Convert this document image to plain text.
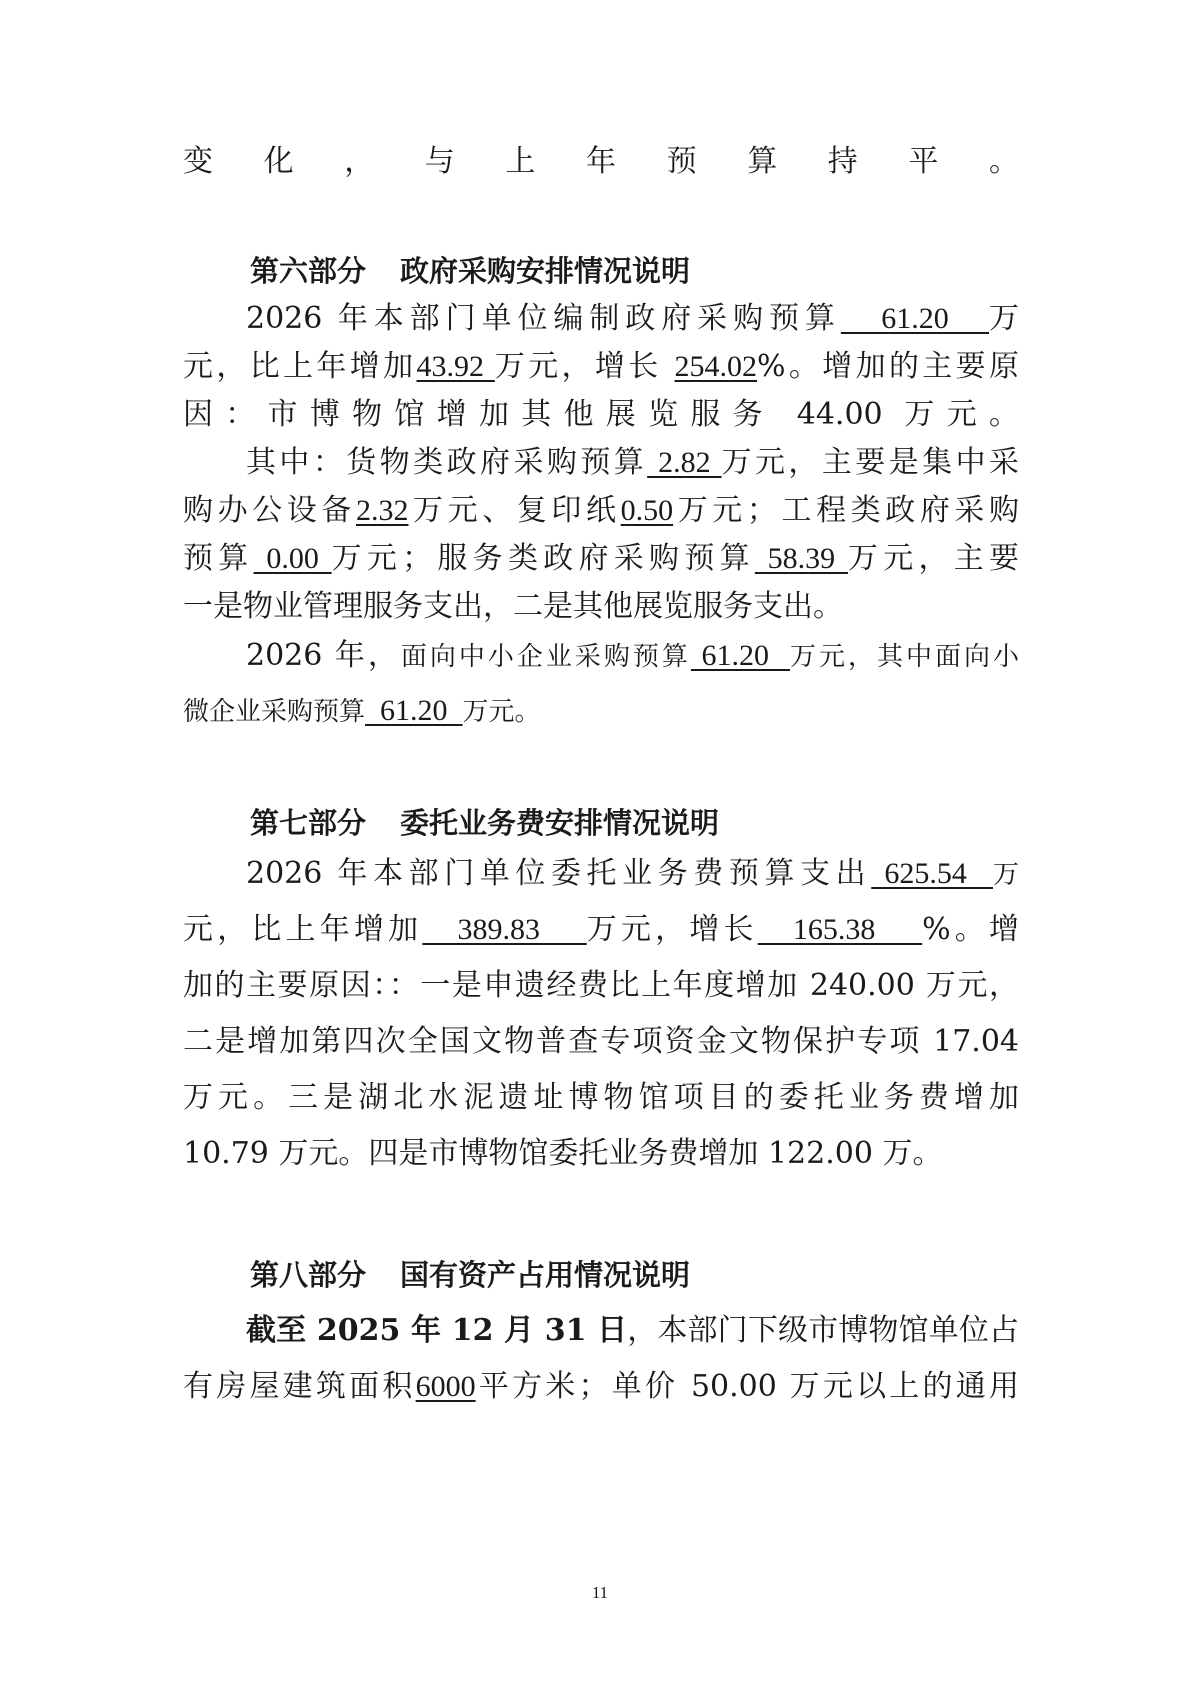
变化，与上年预算持平。
第六部分 政府采购安排情况说明
2026 年本部门单位编制政府采购预算   61.20   万
元，比上年增加43.92 万元，增长 254.02%。增加的主要原
因：市博物馆增加其他展览服务 44.00 万元。
其中：货物类政府采购预算 2.82 万元，主要是集中采
购办公设备2.32万元、复印纸0.50万元；工程类政府采购
预算 0.00 万元；服务类政府采购预算 58.39 万元，主要
一是物业管理服务支出，二是其他展览服务支出。
2026 年，面向中小企业采购预算 61.20  万元，其中面向小
微企业采购预算  61.20  万元。
第七部分 委托业务费安排情况说明
2026 年本部门单位委托业务费预算支出 625.54  万
元，比上年增加   389.83    万元，增长   165.38    %。增
加的主要原因：：一是申遗经费比上年度增加 240.00 万元，
二是增加第四次全国文物普查专项资金文物保护专项 17.04
万元。三是湖北水泥遗址博物馆项目的委托业务费增加
10.79 万元。四是市博物馆委托业务费增加 122.00 万。
第八部分 国有资产占用情况说明
截至 2025 年 12 月 31 日，本部门下级市博物馆单位占
有房屋建筑面积6000平方米；单价 50.00 万元以上的通用
11
